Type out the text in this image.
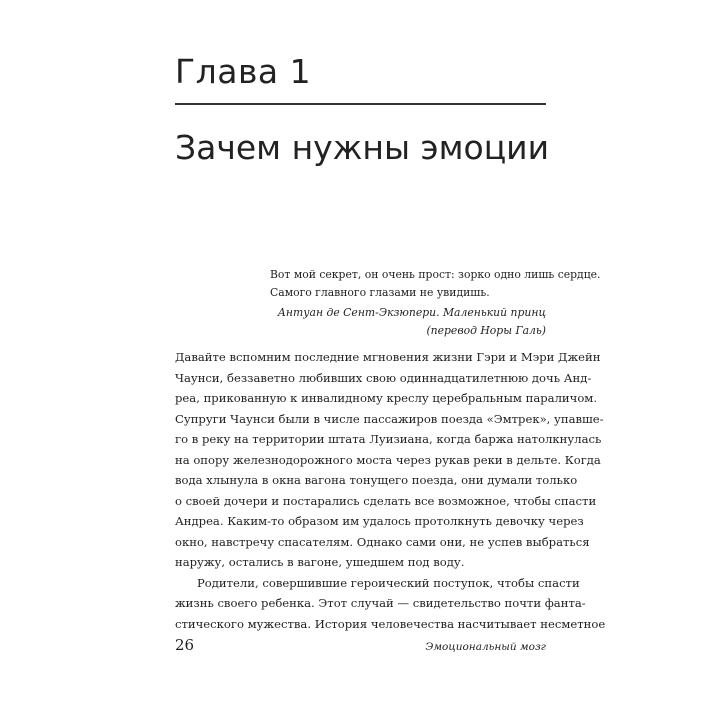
Глава 1
Зачем нужны эмоции
Вот мой секрет, он очень прост: зорко одно лишь сердце.
Самого главного глазами не увидишь.
Антуан де Сент-Экзюпери. Маленький принц
(перевод Норы Галь)
Давайте вспомним последние мгновения жизни Гэри и Мэри Джейн
Чаунси, беззаветно любивших свою одиннадцатилетнюю дочь Анд-
реа, прикованную к инвалидному креслу церебральным параличом.
Супруги Чаунси были в числе пассажиров поезда «Эмтрек», упавше-
го в реку на территории штата Луизиана, когда баржа натолкнулась
на опору железнодорожного моста через рукав реки в дельте. Когда
вода хлынула в окна вагона тонущего поезда, они думали только
о своей дочери и постарались сделать все возможное, чтобы спасти
Андреа. Каким-то образом им удалось протолкнуть девочку через
окно, навстречу спасателям. Однако сами они, не успев выбраться
наружу, остались в вагоне, ушедшем под воду.
Родители, совершившие героический поступок, чтобы спасти
жизнь своего ребенка. Этот случай — свидетельство почти фанта-
стического мужества. История человечества насчитывает несметное
26	Эмоциональный мозг
